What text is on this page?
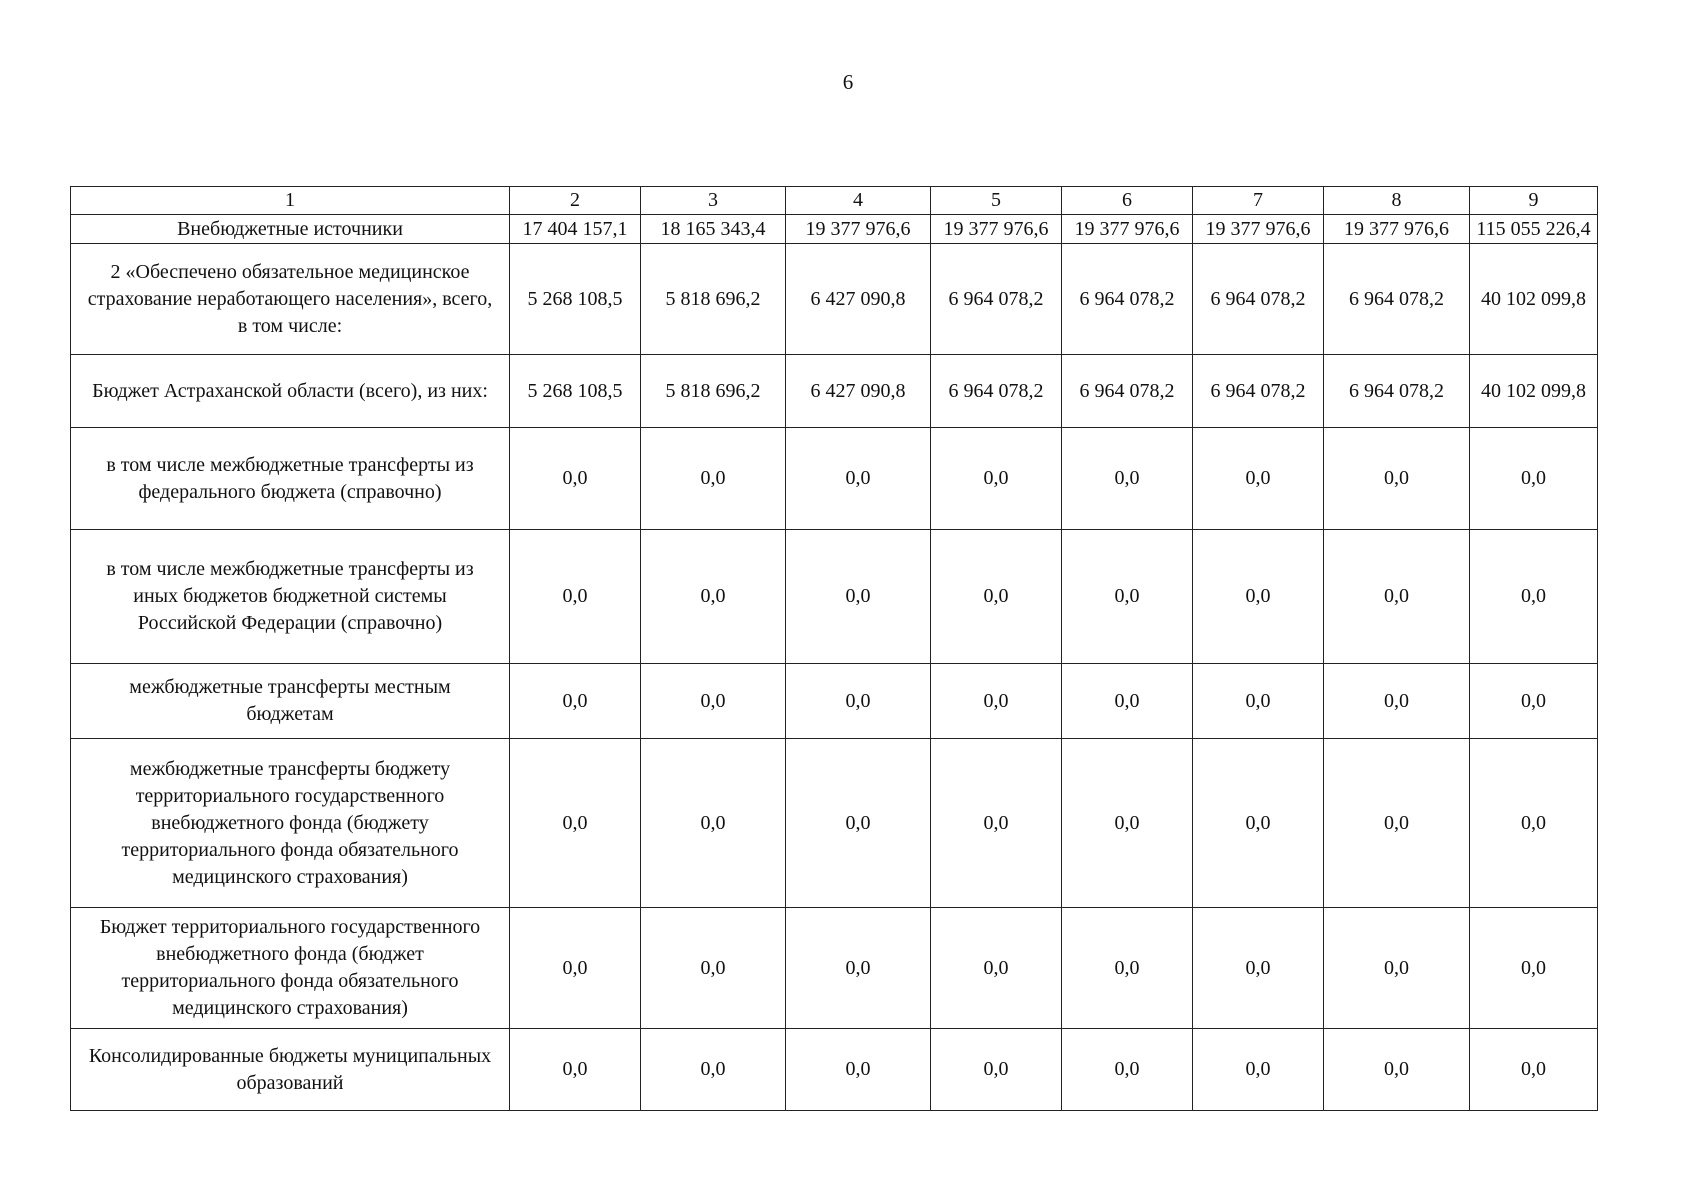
6
1	2	3	4	5	6	7	8	9
Внебюджетные источники	17 404 157,1	18 165 343,4	19 377 976,6	19 377 976,6	19 377 976,6	19 377 976,6	19 377 976,6	115 055 226,4
2 «Обеспечено обязательное медицинское страхование неработающего населения», всего, в том числе:	5 268 108,5	5 818 696,2	6 427 090,8	6 964 078,2	6 964 078,2	6 964 078,2	6 964 078,2	40 102 099,8
Бюджет Астраханской области (всего), из них:	5 268 108,5	5 818 696,2	6 427 090,8	6 964 078,2	6 964 078,2	6 964 078,2	6 964 078,2	40 102 099,8
в том числе межбюджетные трансферты из федерального бюджета (справочно)	0,0	0,0	0,0	0,0	0,0	0,0	0,0	0,0
в том числе межбюджетные трансферты из иных бюджетов бюджетной системы Российской Федерации (справочно)	0,0	0,0	0,0	0,0	0,0	0,0	0,0	0,0
межбюджетные трансферты местным бюджетам	0,0	0,0	0,0	0,0	0,0	0,0	0,0	0,0
межбюджетные трансферты бюджету территориального государственного внебюджетного фонда (бюджету территориального фонда обязательного медицинского страхования)	0,0	0,0	0,0	0,0	0,0	0,0	0,0	0,0
Бюджет территориального государственного внебюджетного фонда (бюджет территориального фонда обязательного медицинского страхования)	0,0	0,0	0,0	0,0	0,0	0,0	0,0	0,0
Консолидированные бюджеты муниципальных образований	0,0	0,0	0,0	0,0	0,0	0,0	0,0	0,0
